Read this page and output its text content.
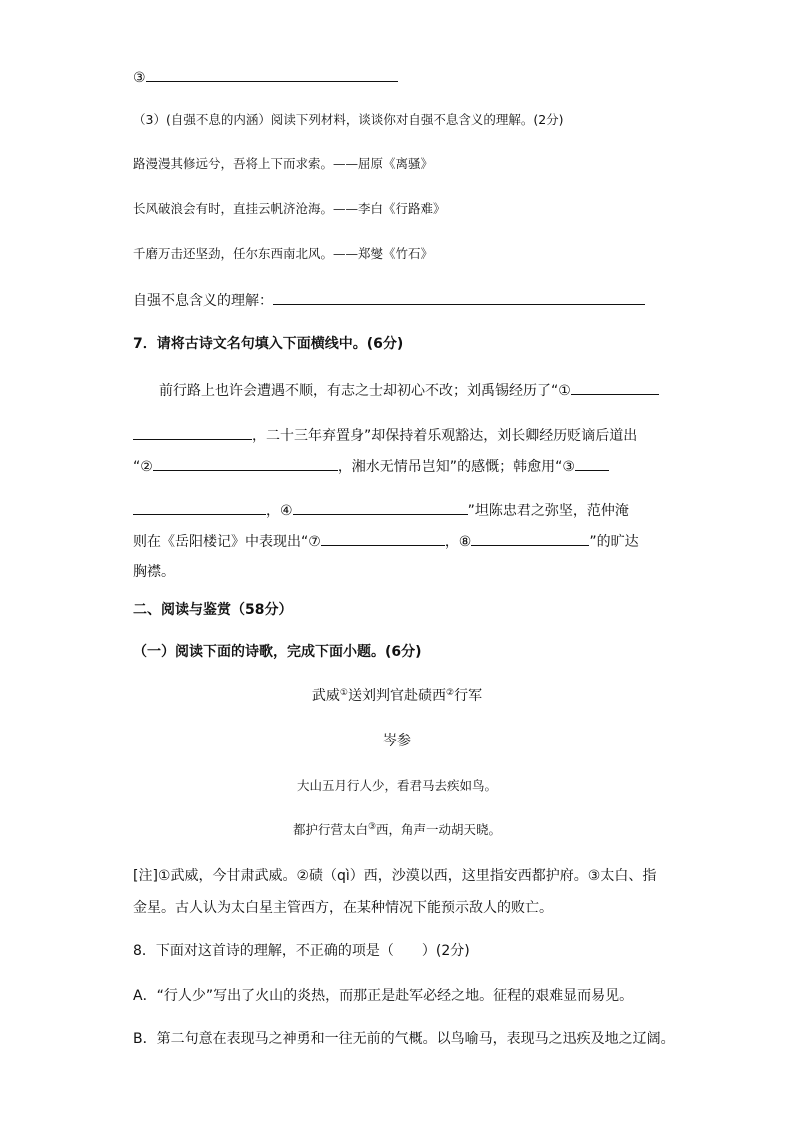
③
（3）(自强不息的内涵）阅读下列材料，谈谈你对自强不息含义的理解。(2分)
路漫漫其修远兮，吾将上下而求索。——屈原《离骚》
长风破浪会有时，直挂云帆济沧海。——李白《行路难》
千磨万击还坚劲，任尔东西南北风。——郑燮《竹石》
自强不息含义的理解：
7．请将古诗文名句填入下面横线中。(6分)
前行路上也许会遭遇不顺，有志之士却初心不改；刘禹锡经历了“①
，二十三年弃置身”却保持着乐观豁达，刘长卿经历贬谪后道出
“②	，湘水无情吊岂知”的感慨；韩愈用“③
，④	”坦陈忠君之弥坚，范仲淹
则在《岳阳楼记》中表现出“⑦	，⑧	”的旷达
胸襟。
二、阅读与鉴赏（58分）
（一）阅读下面的诗歌，完成下面小题。(6分)
武威①送刘判官赴碛西②行军
岑参
大山五月行人少，看君马去疾如鸟。
都护行营太白③西，角声一动胡天晓。
[注]①武威，今甘肃武威。②碛（qì）西，沙漠以西，这里指安西都护府。③太白、指
金星。古人认为太白星主管西方，在某种情况下能预示敌人的败亡。
8．下面对这首诗的理解，不正确的项是（　　）(2分)
A．“行人少”写出了火山的炎热，而那正是赴军必经之地。征程的艰难显而易见。
B．第二句意在表现马之神勇和一往无前的气概。以鸟喻马，表现马之迅疾及地之辽阔。
